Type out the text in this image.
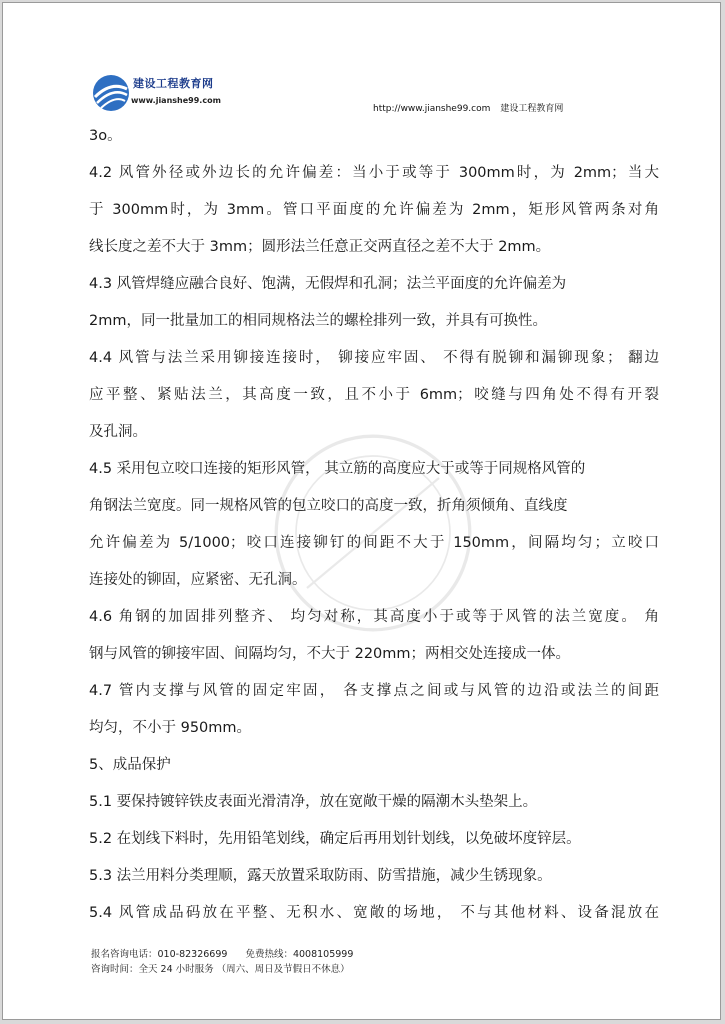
建设工程教育网
www.jianshe99.com
http://www.jianshe99.com 建设工程教育网
3o。
4.2 风管外径或外边长的允许偏差：当小于或等于 300mm时，为 2mm；当大
于 300mm时，为 3mm。管口平面度的允许偏差为 2mm，矩形风管两条对角
线长度之差不大于 3mm；圆形法兰任意正交两直径之差不大于 2mm。
4.3 风管焊缝应融合良好、饱满，无假焊和孔洞；法兰平面度的允许偏差为
2mm，同一批量加工的相同规格法兰的螺栓排列一致，并具有可换性。
4.4 风管与法兰采用铆接连接时， 铆接应牢固、 不得有脱铆和漏铆现象； 翻边
应平整、紧贴法兰，其高度一致，且不小于 6mm；咬缝与四角处不得有开裂
及孔洞。
4.5 采用包立咬口连接的矩形风管， 其立筋的高度应大于或等于同规格风管的
角钢法兰宽度。同一规格风管的包立咬口的高度一致，折角须倾角、直线度
允许偏差为 5/1000；咬口连接铆钉的间距不大于 150mm，间隔均匀；立咬口
连接处的铆固，应紧密、无孔洞。
4.6 角钢的加固排列整齐、 均匀对称，其高度小于或等于风管的法兰宽度。 角
钢与风管的铆接牢固、间隔均匀，不大于 220mm；两相交处连接成一体。
4.7 管内支撑与风管的固定牢固， 各支撑点之间或与风管的边沿或法兰的间距
均匀，不小于 950mm。
5、成品保护
5.1 要保持镀锌铁皮表面光滑清净，放在宽敞干燥的隔潮木头垫架上。
5.2 在划线下料时，先用铅笔划线，确定后再用划针划线，以免破坏度锌层。
5.3 法兰用料分类理顺，露天放置采取防雨、防雪措施，减少生锈现象。
5.4 风管成品码放在平整、无积水、宽敞的场地， 不与其他材料、设备混放在
报名咨询电话：010-82326699 免费热线：4008105999
咨询时间：全天 24 小时服务 （周六、周日及节假日不休息）
